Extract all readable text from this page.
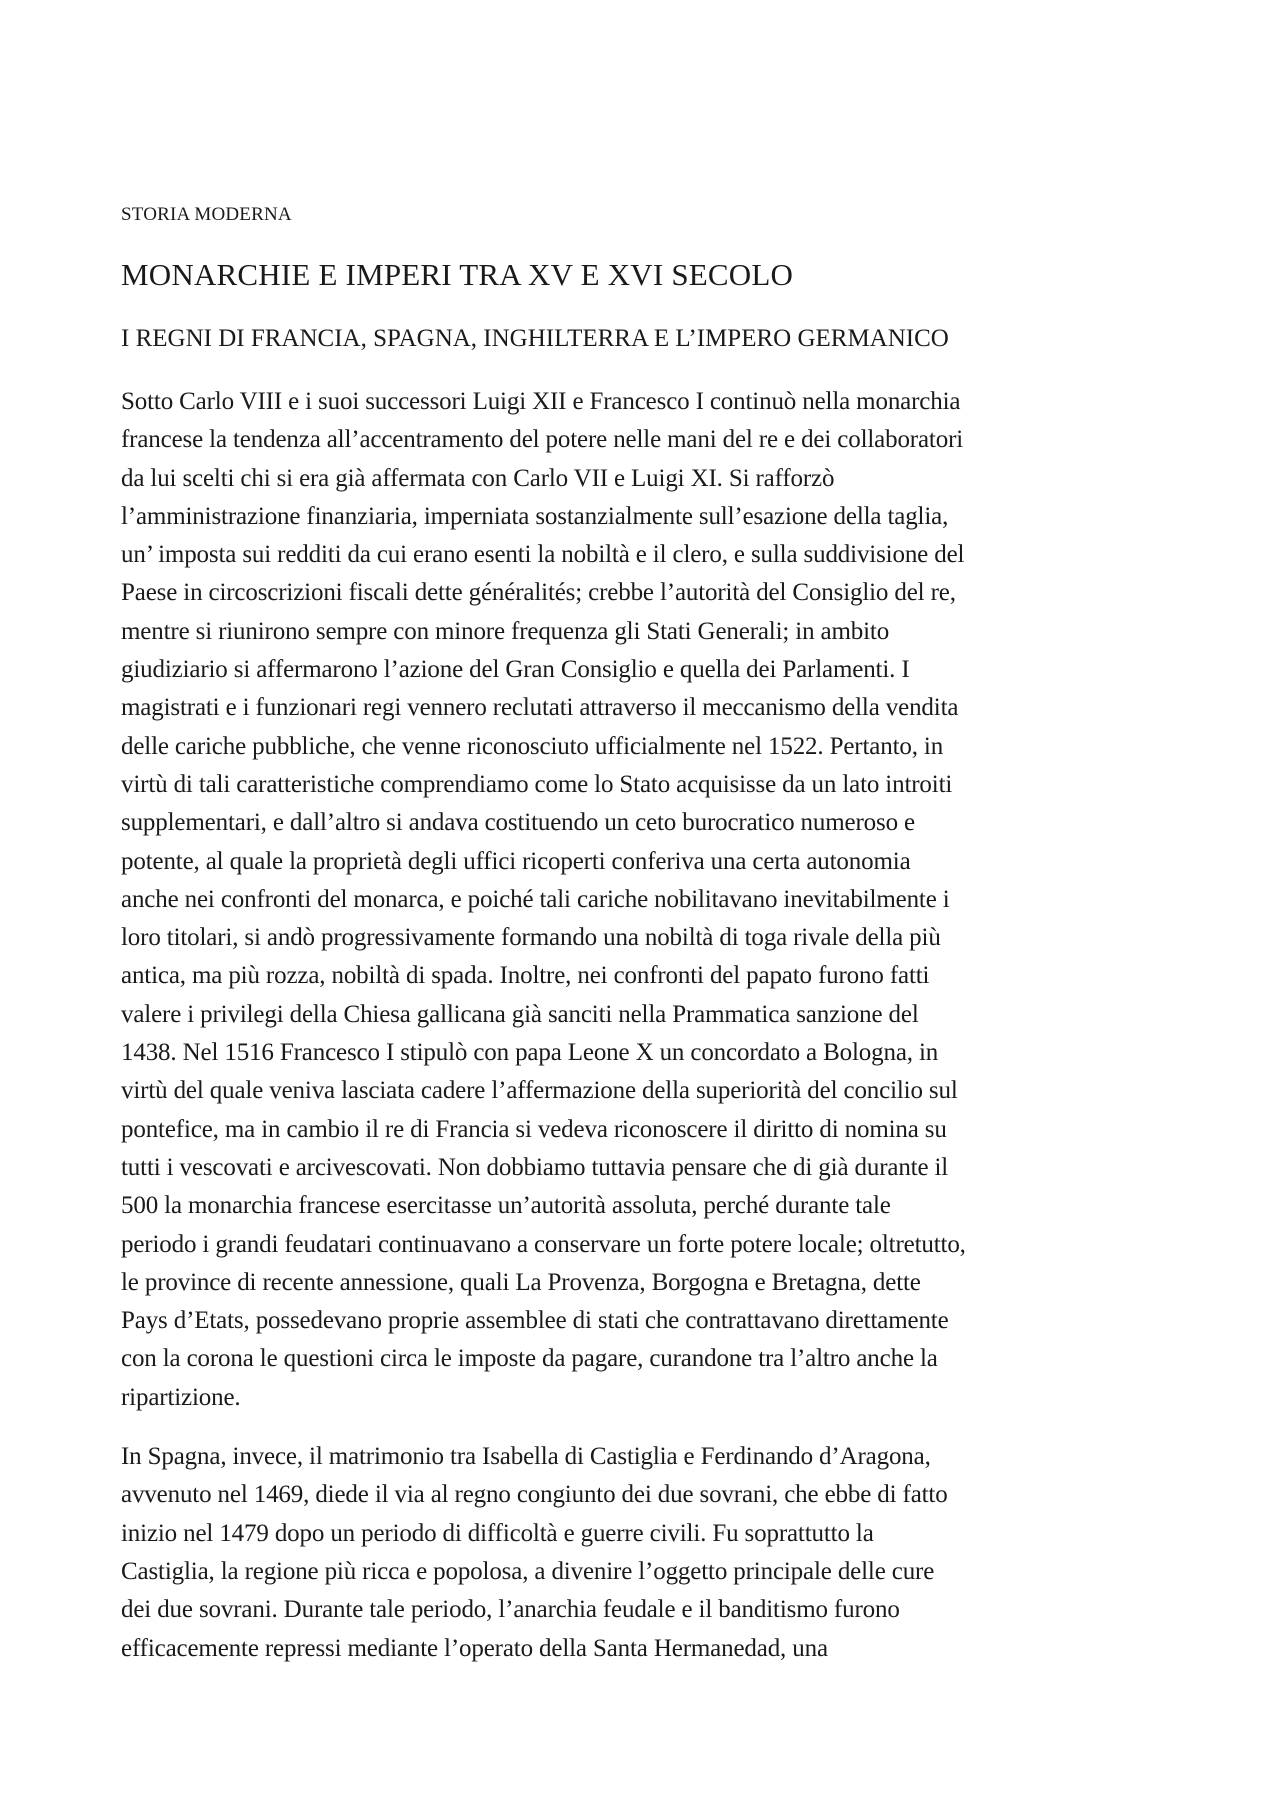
STORIA MODERNA
MONARCHIE E IMPERI TRA XV E XVI SECOLO
I REGNI DI FRANCIA, SPAGNA, INGHILTERRA E L’IMPERO GERMANICO

Sotto Carlo VIII e i suoi successori Luigi XII e Francesco I continuò nella monarchia
francese la tendenza all’accentramento del potere nelle mani del re e dei collaboratori
da lui scelti chi si era già affermata con Carlo VII e Luigi XI. Si rafforzò
l’amministrazione finanziaria, imperniata sostanzialmente sull’esazione della taglia,
un’ imposta sui redditi da cui erano esenti la nobiltà e il clero, e sulla suddivisione del
Paese in circoscrizioni fiscali dette généralités; crebbe l’autorità del Consiglio del re,
mentre si riunirono sempre con minore frequenza gli Stati Generali; in ambito
giudiziario si affermarono l’azione del Gran Consiglio e quella dei Parlamenti. I
magistrati e i funzionari regi vennero reclutati attraverso il meccanismo della vendita
delle cariche pubbliche, che venne riconosciuto ufficialmente nel 1522. Pertanto, in
virtù di tali caratteristiche comprendiamo come lo Stato acquisisse da un lato introiti
supplementari, e dall’altro si andava costituendo un ceto burocratico numeroso e
potente, al quale la proprietà degli uffici ricoperti conferiva una certa autonomia
anche nei confronti del monarca, e poiché tali cariche nobilitavano inevitabilmente i
loro titolari, si andò progressivamente formando una nobiltà di toga rivale della più
antica, ma più rozza, nobiltà di spada. Inoltre, nei confronti del papato furono fatti
valere i privilegi della Chiesa gallicana già sanciti nella Prammatica sanzione del
1438. Nel 1516 Francesco I stipulò con papa Leone X un concordato a Bologna, in
virtù del quale veniva lasciata cadere l’affermazione della superiorità del concilio sul
pontefice, ma in cambio il re di Francia si vedeva riconoscere il diritto di nomina su
tutti i vescovati e arcivescovati. Non dobbiamo tuttavia pensare che di già durante il
500 la monarchia francese esercitasse un’autorità assoluta, perché durante tale
periodo i grandi feudatari continuavano a conservare un forte potere locale; oltretutto,
le province di recente annessione, quali La Provenza, Borgogna e Bretagna, dette
Pays d’Etats, possedevano proprie assemblee di stati che contrattavano direttamente
con la corona le questioni circa le imposte da pagare, curandone tra l’altro anche la
ripartizione.

In Spagna, invece, il matrimonio tra Isabella di Castiglia e Ferdinando d’Aragona,
avvenuto nel 1469, diede il via al regno congiunto dei due sovrani, che ebbe di fatto
inizio nel 1479 dopo un periodo di difficoltà e guerre civili. Fu soprattutto la
Castiglia, la regione più ricca e popolosa, a divenire l’oggetto principale delle cure
dei due sovrani. Durante tale periodo, l’anarchia feudale e il banditismo furono
efficacemente repressi mediante l’operato della Santa Hermanedad, una
